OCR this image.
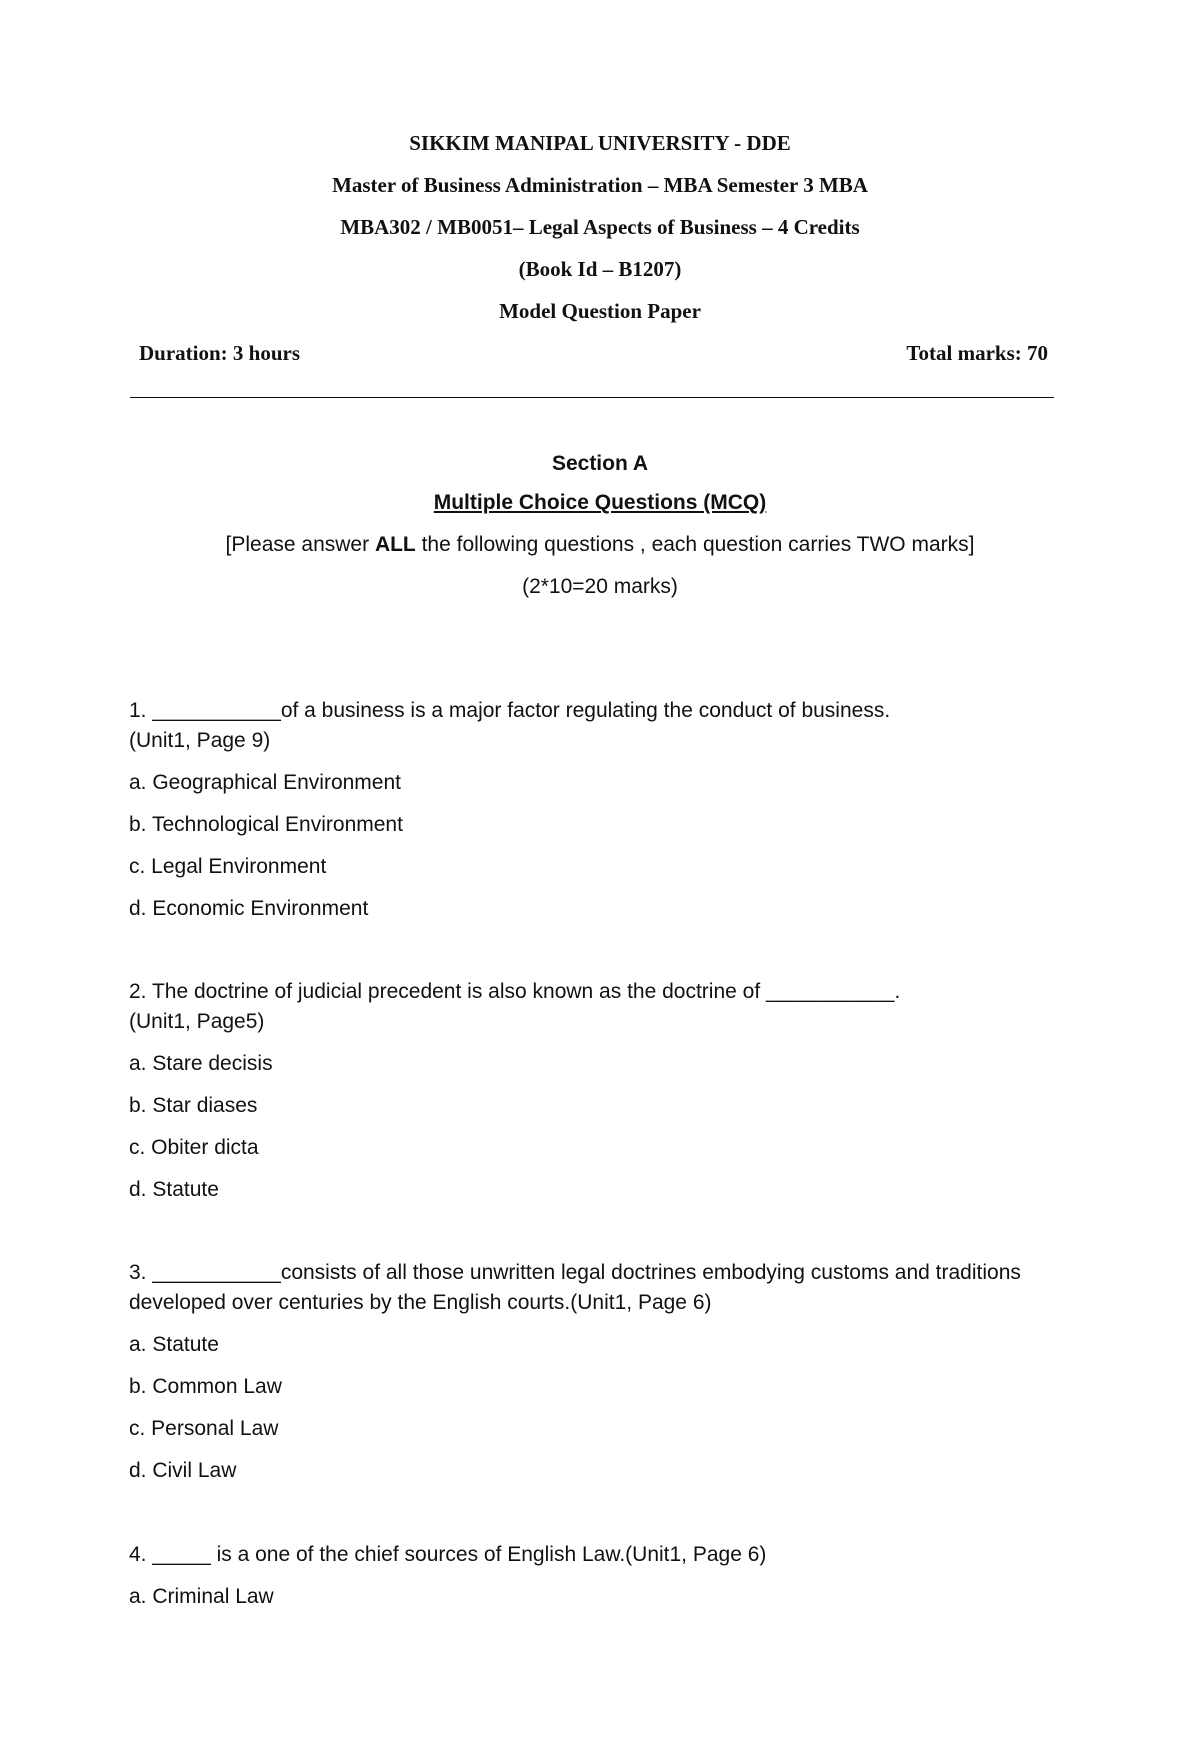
SIKKIM MANIPAL UNIVERSITY - DDE
Master of Business Administration – MBA Semester 3 MBA
MBA302 / MB0051– Legal Aspects of Business – 4 Credits
(Book Id – B1207)
Model Question Paper
Duration: 3 hours	Total marks: 70
Section A
Multiple Choice Questions (MCQ)
[Please answer ALL the following questions , each question carries TWO marks]
(2*10=20 marks)
1. ___________of a business is a major factor regulating the conduct of business.(Unit1, Page 9)
a. Geographical Environment
b. Technological Environment
c. Legal Environment
d. Economic Environment
2. The doctrine of judicial precedent is also known as the doctrine of ___________.(Unit1, Page5)
a. Stare decisis
b. Star diases
c. Obiter dicta
d. Statute
3. ___________consists of all those unwritten legal doctrines embodying customs and traditions developed over centuries by the English courts.(Unit1, Page 6)
a. Statute
b. Common Law
c. Personal Law
d. Civil Law
4. _____ is a one of the chief sources of English Law.(Unit1, Page 6)
a. Criminal Law
